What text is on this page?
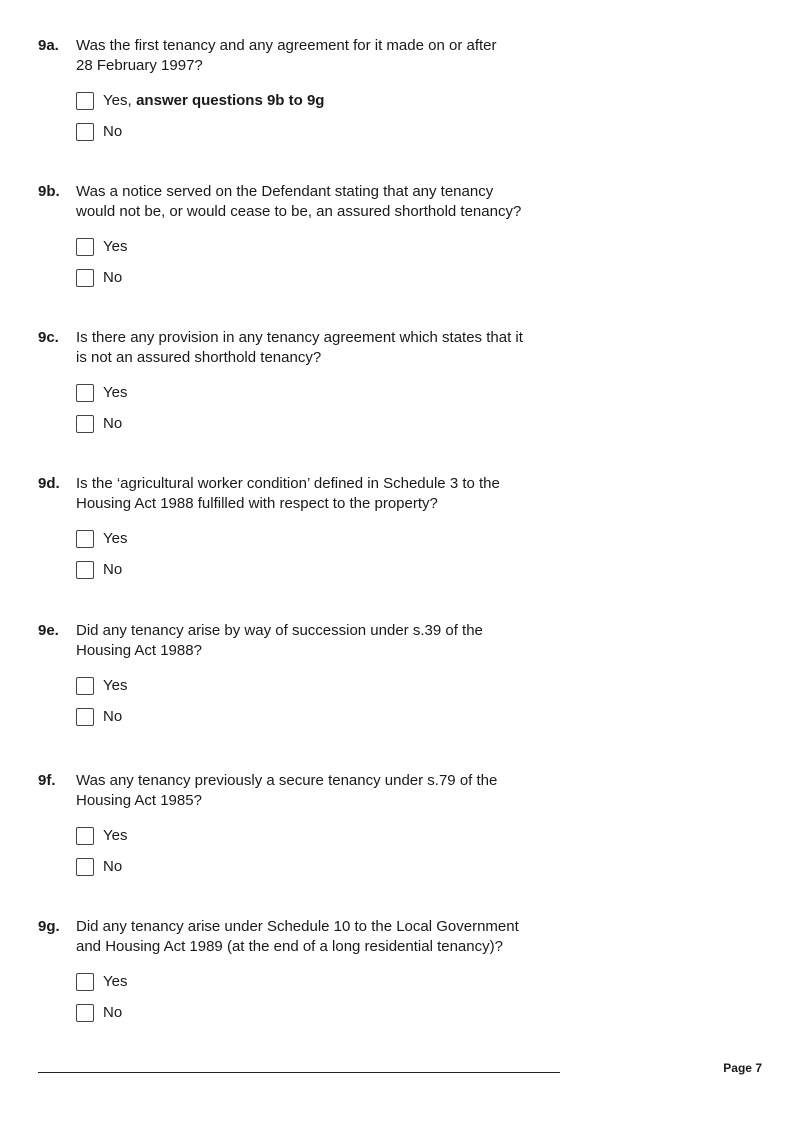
9a.	Was the first tenancy and any agreement for it made on or after
28 February 1997?
Yes,
answer questions 9b to 9g
No
9b.	Was a notice served on the Defendant stating that any tenancy
would not be, or would cease to be, an assured shorthold tenancy?
Yes
No
9c.	Is there any provision in any tenancy agreement which states that it
is not an assured shorthold tenancy?
Yes
No
9d.	Is the ‘agricultural worker condition’ defined in Schedule 3 to the
Housing Act 1988 fulfilled with respect to the property?
Yes
No
9e.	Did any tenancy arise by way of succession under s.39 of the
Housing Act 1988?
Yes
No
9f.	Was any tenancy previously a secure tenancy under s.79 of the
Housing Act 1985?
Yes
No
9g.	Did any tenancy arise under Schedule 10 to the Local Government
and Housing Act 1989 (at the end of a long residential tenancy)?
Yes
No
Page 7
